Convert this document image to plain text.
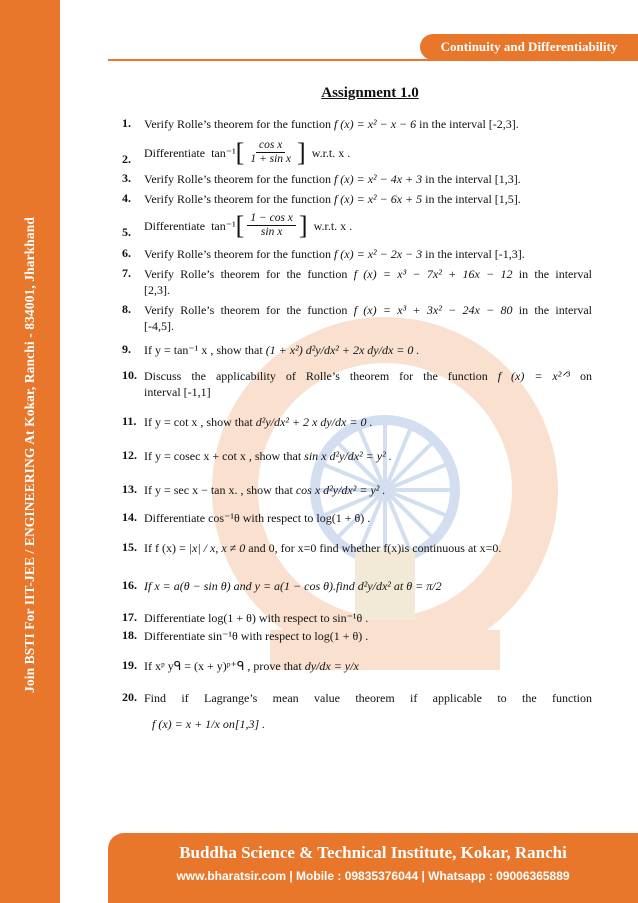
Join BSTI For IIT-JEE / ENGINEERING At Kokar, Ranchi - 834001, Jharkhand
Continuity and Differentiability
Assignment 1.0
1.	Verify Rolle’s theorem for the function f (x) = x² − x − 6 in the interval [-2,3].
2.	Differentiate
tan⁻¹ [ $\frac{\text{cos x}}{\text{1 + sin x}}$ ]
w.r.t. x .
3.	Verify Rolle’s theorem for the function f (x) = x² − 4x + 3 in the interval [1,3].
4.	Verify Rolle’s theorem for the function f (x) = x² − 6x + 5 in the interval [1,5].
5.	Differentiate
tan⁻¹ [ $\frac{\text{1 − cos x}}{\text{sin x}}$ ]
w.r.t. x .
6.	Verify Rolle’s theorem for the function f (x) = x² − 2x − 3 in the interval [-1,3].
7.	Verify Rolle’s theorem for the function f (x) = x³ − 7x² + 16x − 12 in the interval
[2,3].
8.	Verify Rolle’s theorem for the function f (x) = x³ + 3x² − 24x − 80 in the interval
[-4,5].
9.	If y = tan⁻¹ x , show that (1 + x²) d²y/dx² + 2x dy/dx = 0 .
10. Discuss the applicability of Rolle’s theorem for the function f (x) = x²ᐟ³ on
interval [-1,1]
11. If y = cot x , show that d²y/dx² + 2 x dy/dx = 0 .
12. If y = cosec x + cot x , show that sin x d²y/dx² = y² .
13. If y = sec x − tan x. , show that cos x d²y/dx² = y² .
14. Differentiate cos⁻¹θ with respect to log(1 + θ) .
15. If f (x) = |x| / x, x ≠ 0 and 0, for x=0 find whether f(x)is continuous at x=0.
16. If x = a(θ − sin θ) and y = a(1 − cos θ).find d²y/dx² at θ = π/2
17. Differentiate log(1 + θ) with respect to sin⁻¹θ .
18. Differentiate sin⁻¹θ with respect to log(1 + θ) .
19. If xᵖ yᑫ = (x + y)ᵖ⁺ᑫ , prove that dy/dx = y/x
20. Find if Lagrange’s mean value theorem if applicable to the function
f (x) = x + 1/x on[1,3] .
Buddha Science & Technical Institute, Kokar, Ranchi
www.bharatsir.com | Mobile : 09835376044 | Whatsapp : 09006365889
